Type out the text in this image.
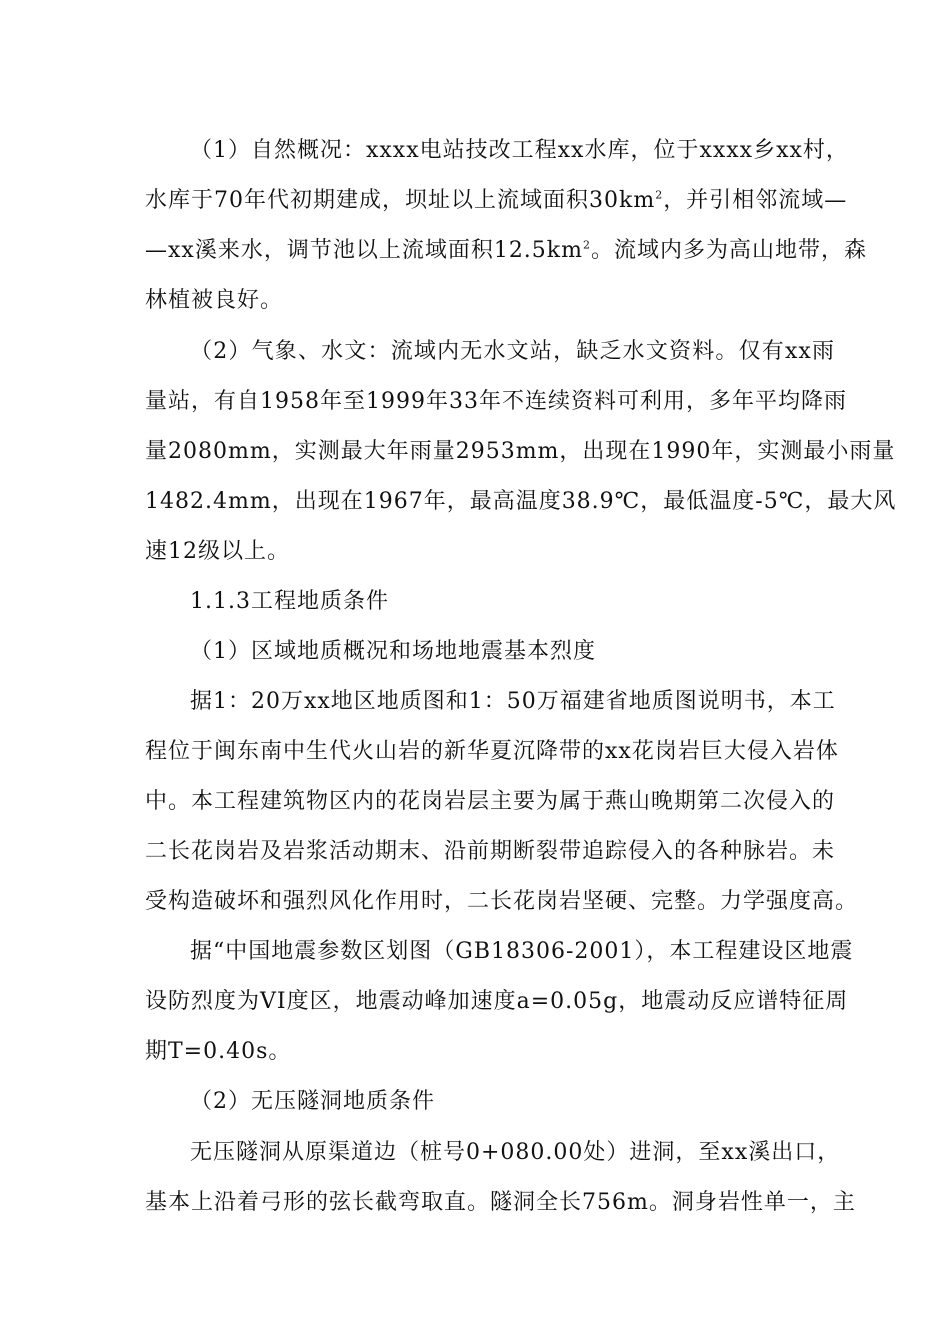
（1）自然概况：xxxx电站技改工程xx水库，位于xxxx乡xx村，
水库于70年代初期建成，坝址以上流域面积$30km^2$，并引相邻流域—
—xx溪来水，调节池以上流域面积$12.5km^2$。流域内多为高山地带，森
林植被良好。
（2）气象、水文：流域内无水文站，缺乏水文资料。仅有xx雨
量站，有自1958年至1999年33年不连续资料可利用，多年平均降雨
量2080mm，实测最大年雨量2953mm，出现在1990年，实测最小雨量
1482.4mm，出现在1967年，最高温度38.9℃，最低温度-5℃，最大风
速12级以上。
1.1.3工程地质条件
（1）区域地质概况和场地地震基本烈度
据1：20万xx地区地质图和1：50万福建省地质图说明书，本工
程位于闽东南中生代火山岩的新华夏沉降带的xx花岗岩巨大侵入岩体
中。本工程建筑物区内的花岗岩层主要为属于燕山晚期第二次侵入的
二长花岗岩及岩浆活动期末、沿前期断裂带追踪侵入的各种脉岩。未
受构造破坏和强烈风化作用时，二长花岗岩坚硬、完整。力学强度高。
据“中国地震参数区划图（GB18306-2001），本工程建设区地震
设防烈度为VI度区，地震动峰加速度a=0.05g，地震动反应谱特征周
期T=0.40s。
（2）无压隧洞地质条件
无压隧洞从原渠道边（桩号0+080.00处）进洞，至xx溪出口，
基本上沿着弓形的弦长截弯取直。隧洞全长756m。洞身岩性单一，主
